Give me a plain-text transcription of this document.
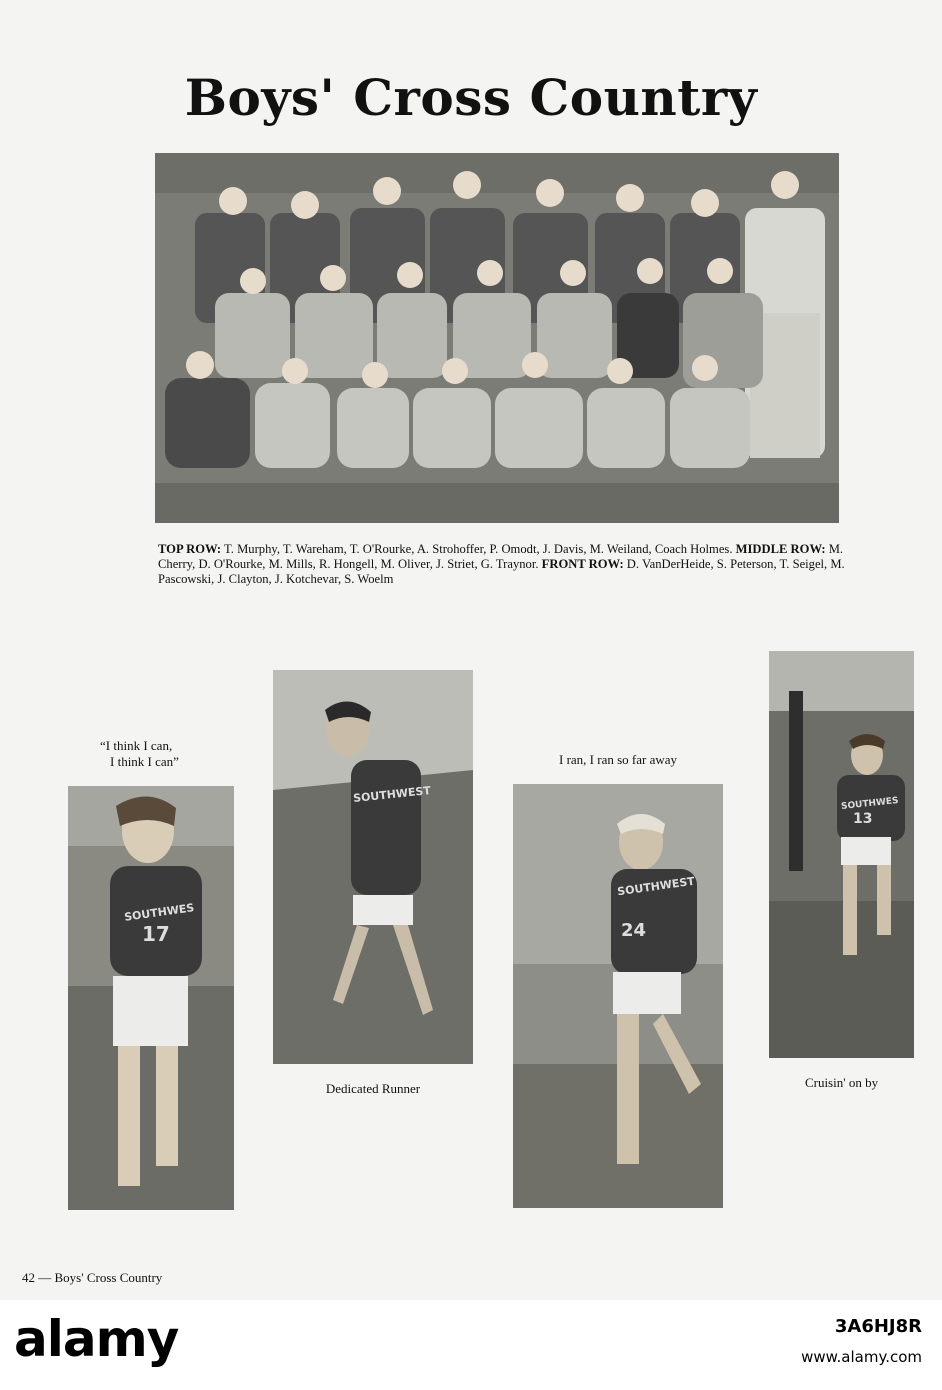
Boys' Cross Country

TOP ROW: T. Murphy, T. Wareham, T. O'Rourke, A. Strohoffer, P. Omodt, J. Davis, M. Weiland, Coach Holmes. MIDDLE ROW: M. Cherry, D. O'Rourke, M. Mills, R. Hongell, M. Oliver, J. Striet, G. Traynor. FRONT ROW: D. VanDerHeide, S. Peterson, T. Seigel, M. Pascowski, J. Clayton, J. Kotchevar, S. Woelm

“I think I can,
I think I can”
SOUTHWES
17
SOUTHWEST

Dedicated Runner

I ran, I ran so far away

SOUTHWEST
24
SOUTHWES
13

Cruisin' on by

42 — Boys' Cross Country
alamy	3A6HJ8R
www.alamy.com
